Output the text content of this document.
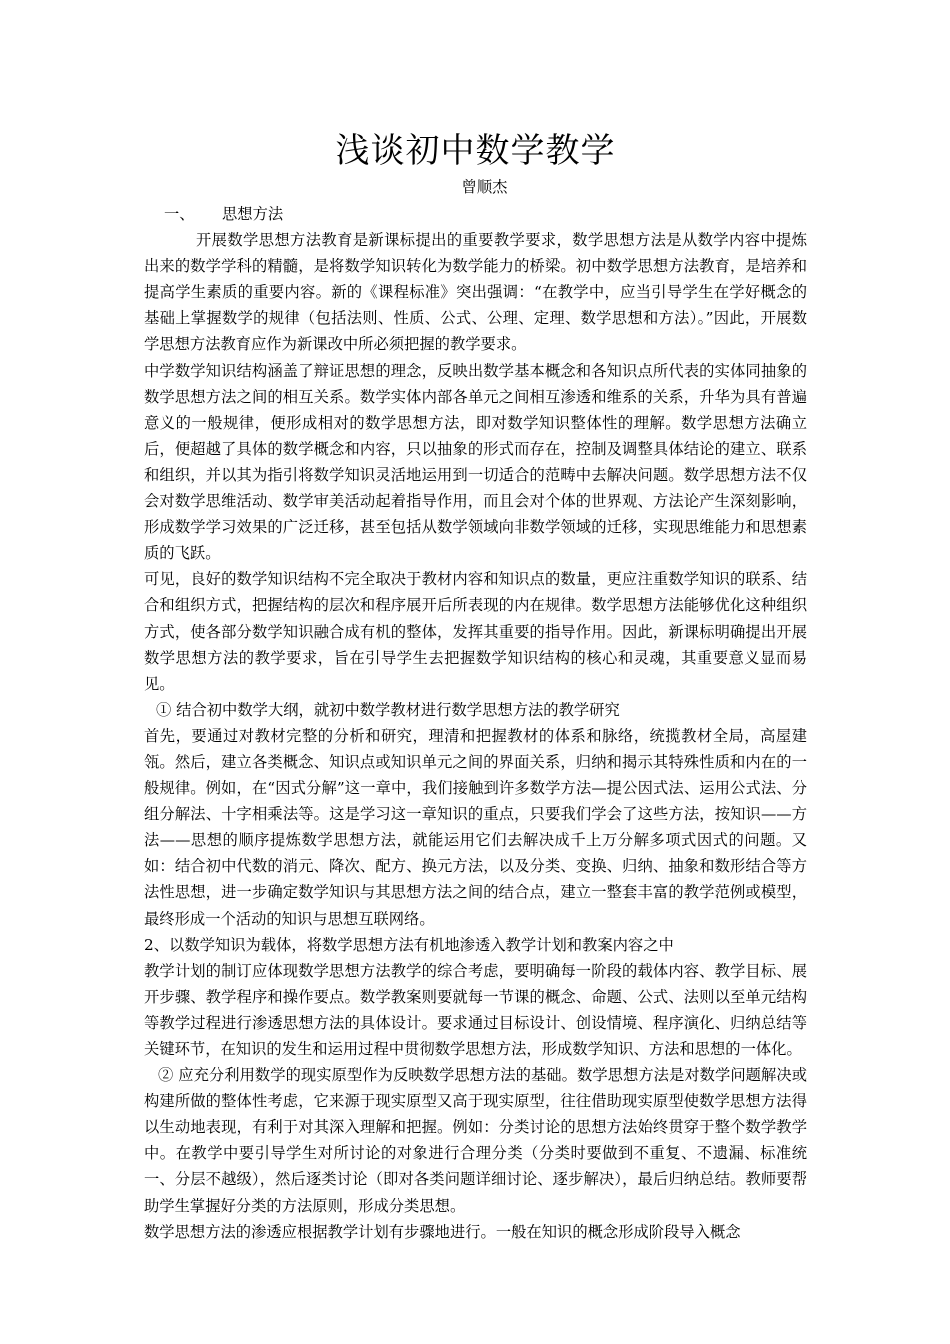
浅谈初中数学教学
曾顺杰
一、 思想方法

开展数学思想方法教育是新课标提出的重要教学要求，数学思想方法是从数学内容中提炼出来的数学学科的精髓，是将数学知识转化为数学能力的桥梁。初中数学思想方法教育，是培养和提高学生素质的重要内容。新的《课程标准》突出强调：“在教学中，应当引导学生在学好概念的基础上掌握数学的规律（包括法则、性质、公式、公理、定理、数学思想和方法）。”因此，开展数学思想方法教育应作为新课改中所必须把握的教学要求。

中学数学知识结构涵盖了辩证思想的理念，反映出数学基本概念和各知识点所代表的实体同抽象的数学思想方法之间的相互关系。数学实体内部各单元之间相互渗透和维系的关系，升华为具有普遍意义的一般规律，便形成相对的数学思想方法，即对数学知识整体性的理解。数学思想方法确立后，便超越了具体的数学概念和内容，只以抽象的形式而存在，控制及调整具体结论的建立、联系和组织，并以其为指引将数学知识灵活地运用到一切适合的范畴中去解决问题。数学思想方法不仅会对数学思维活动、数学审美活动起着指导作用，而且会对个体的世界观、方法论产生深刻影响，形成数学学习效果的广泛迁移，甚至包括从数学领域向非数学领域的迁移，实现思维能力和思想素质的飞跃。

可见，良好的数学知识结构不完全取决于教材内容和知识点的数量，更应注重数学知识的联系、结合和组织方式，把握结构的层次和程序展开后所表现的内在规律。数学思想方法能够优化这种组织方式，使各部分数学知识融合成有机的整体，发挥其重要的指导作用。因此，新课标明确提出开展数学思想方法的教学要求，旨在引导学生去把握数学知识结构的核心和灵魂，其重要意义显而易见。

① 结合初中数学大纲，就初中数学教材进行数学思想方法的教学研究

首先，要通过对教材完整的分析和研究，理清和把握教材的体系和脉络，统揽教材全局，高屋建瓴。然后，建立各类概念、知识点或知识单元之间的界面关系，归纳和揭示其特殊性质和内在的一般规律。例如，在“因式分解”这一章中，我们接触到许多数学方法—提公因式法、运用公式法、分组分解法、十字相乘法等。这是学习这一章知识的重点，只要我们学会了这些方法，按知识——方法——思想的顺序提炼数学思想方法，就能运用它们去解决成千上万分解多项式因式的问题。又如：结合初中代数的消元、降次、配方、换元方法，以及分类、变换、归纳、抽象和数形结合等方法性思想，进一步确定数学知识与其思想方法之间的结合点，建立一整套丰富的教学范例或模型，最终形成一个活动的知识与思想互联网络。

2、以数学知识为载体，将数学思想方法有机地渗透入教学计划和教案内容之中

教学计划的制订应体现数学思想方法教学的综合考虑，要明确每一阶段的载体内容、教学目标、展开步骤、教学程序和操作要点。数学教案则要就每一节课的概念、命题、公式、法则以至单元结构等教学过程进行渗透思想方法的具体设计。要求通过目标设计、创设情境、程序演化、归纳总结等关键环节，在知识的发生和运用过程中贯彻数学思想方法，形成数学知识、方法和思想的一体化。

② 应充分利用数学的现实原型作为反映数学思想方法的基础。数学思想方法是对数学问题解决或构建所做的整体性考虑，它来源于现实原型又高于现实原型，往往借助现实原型使数学思想方法得以生动地表现，有利于对其深入理解和把握。例如：分类讨论的思想方法始终贯穿于整个数学教学中。在教学中要引导学生对所讨论的对象进行合理分类（分类时要做到不重复、不遗漏、标准统一、分层不越级），然后逐类讨论（即对各类问题详细讨论、逐步解决），最后归纳总结。教师要帮助学生掌握好分类的方法原则，形成分类思想。

数学思想方法的渗透应根据教学计划有步骤地进行。一般在知识的概念形成阶段导入概念
